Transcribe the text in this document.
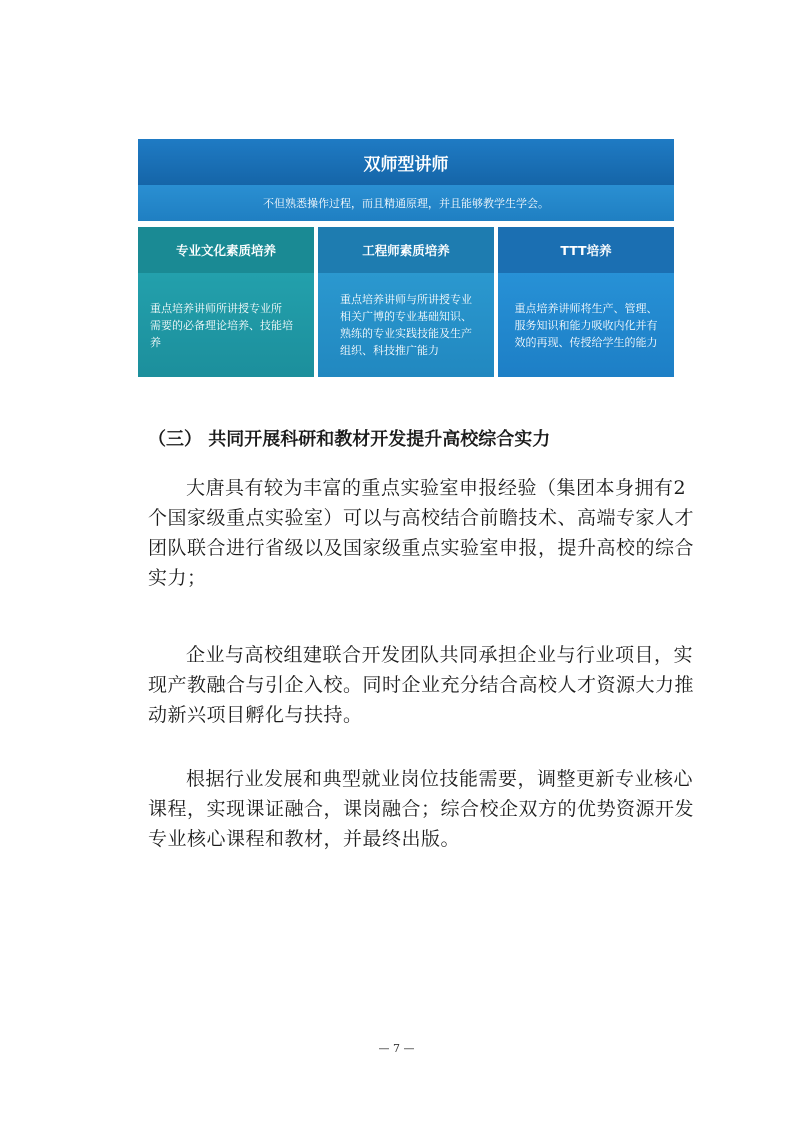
双师型讲师
不但熟悉操作过程，而且精通原理，并且能够教学生学会。
专业文化素质培养
重点培养讲师所讲授专业所
需要的必备理论培养、技能培养
工程师素质培养
重点培养讲师与所讲授专业
相关广博的专业基础知识、
熟练的专业实践技能及生产
组织、科技推广能力
TTT培养
重点培养讲师将生产、管理、
服务知识和能力吸收内化并有
效的再现、传授给学生的能力
（三） 共同开展科研和教材开发提升高校综合实力
大唐具有较为丰富的重点实验室申报经验（集团本身拥有2
个国家级重点实验室）可以与高校结合前瞻技术、高端专家人才
团队联合进行省级以及国家级重点实验室申报，提升高校的综合
实力；
企业与高校组建联合开发团队共同承担企业与行业项目，实
现产教融合与引企入校。同时企业充分结合高校人才资源大力推
动新兴项目孵化与扶持。
根据行业发展和典型就业岗位技能需要，调整更新专业核心
课程，实现课证融合，课岗融合；综合校企双方的优势资源开发
专业核心课程和教材，并最终出版。
— 7 —
